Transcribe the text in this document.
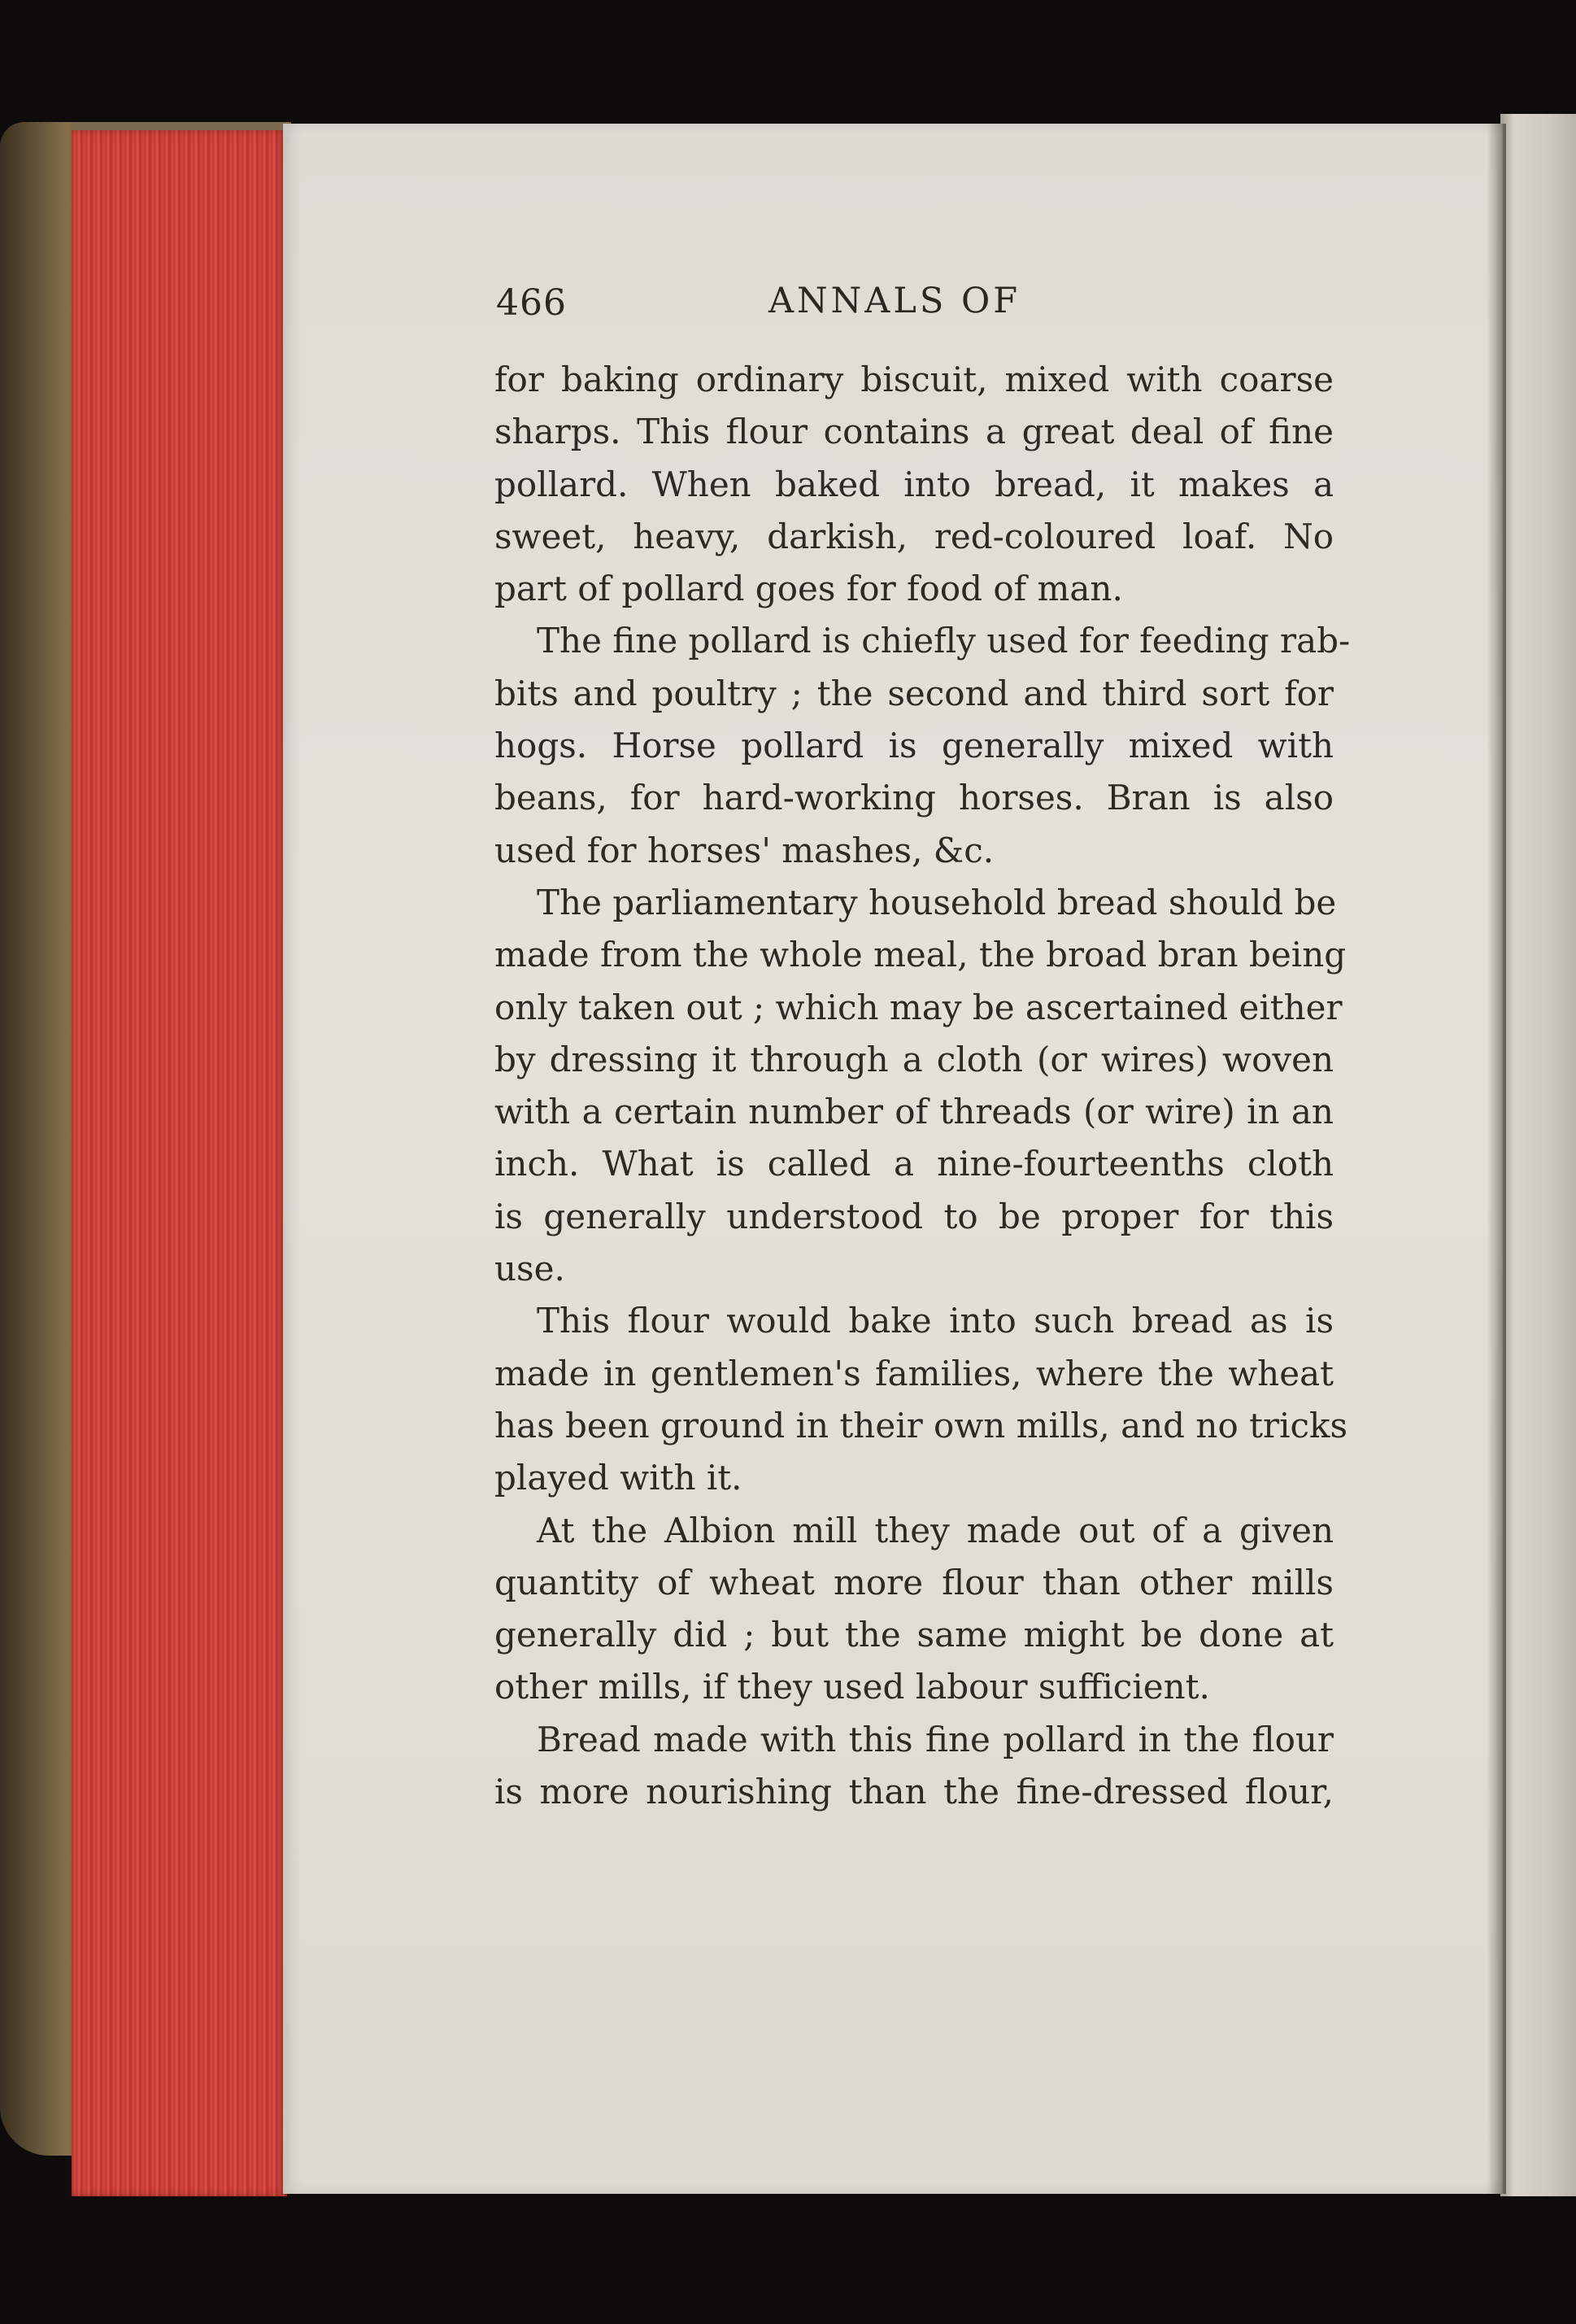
466	ANNALS OF
for baking ordinary biscuit, mixed with coarse
sharps. This flour contains a great deal of fine
pollard. When baked into bread, it makes a
sweet, heavy, darkish, red-coloured loaf. No
part of pollard goes for food of man.
The fine pollard is chiefly used for feeding rab-
bits and poultry ; the second and third sort for
hogs. Horse pollard is generally mixed with
beans, for hard-working horses. Bran is also
used for horses' mashes, &c.
The parliamentary household bread should be
made from the whole meal, the broad bran being
only taken out ; which may be ascertained either
by dressing it through a cloth (or wires) woven
with a certain number of threads (or wire) in an
inch. What is called a nine-fourteenths cloth
is generally understood to be proper for this
use.
This flour would bake into such bread as is
made in gentlemen's families, where the wheat
has been ground in their own mills, and no tricks
played with it.
At the Albion mill they made out of a given
quantity of wheat more flour than other mills
generally did ; but the same might be done at
other mills, if they used labour sufficient.
Bread made with this fine pollard in the flour
is more nourishing than the fine-dressed flour,
